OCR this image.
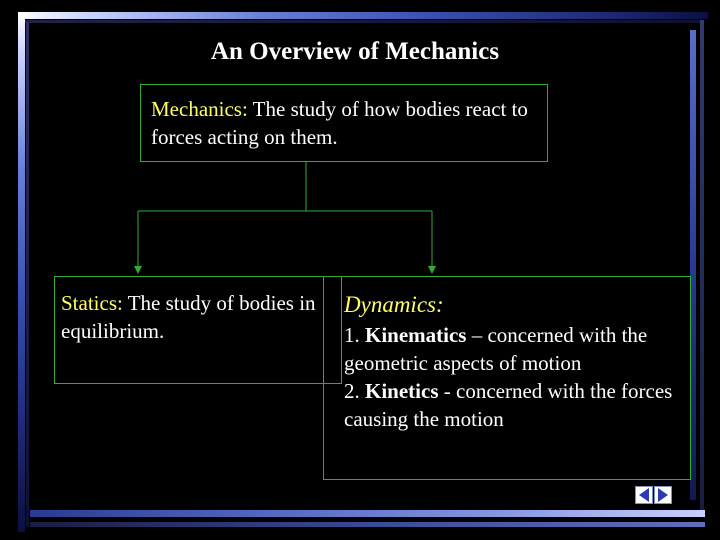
An Overview of Mechanics
Mechanics: The study of how bodies react to forces acting on them.
Statics: The study of bodies in equilibrium.
Dynamics:
1. Kinematics – concerned with the geometric aspects of motion
2. Kinetics - concerned with the forces causing the motion
